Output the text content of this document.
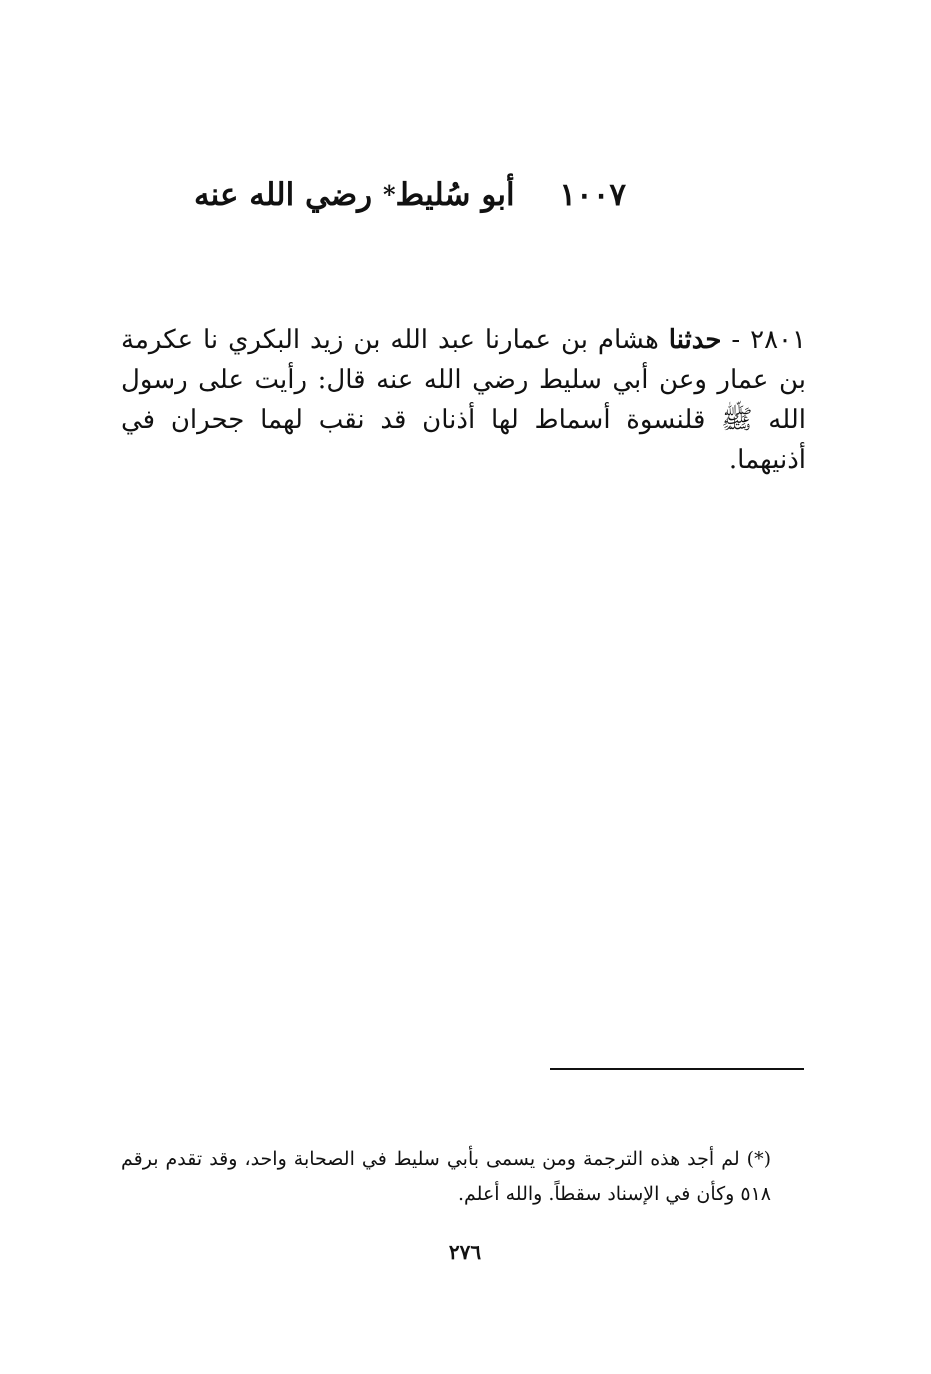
١٠٠٧ أبو سُليط* رضي الله عنه
٢٨٠١ - حدثنا هشام بن عمارنا عبد الله بن زيد البكري نا عكرمة بن عمار وعن أبي سليط رضي الله عنه قال: رأيت على رسول الله ﷺ قلنسوة أسماط لها أذنان قد نقب لهما جحران في أذنيهما.
(*) لم أجد هذه الترجمة ومن يسمى بأبي سليط في الصحابة واحد، وقد تقدم برقم ٥١٨ وكأن في الإسناد سقطاً. والله أعلم.
٢٧٦
